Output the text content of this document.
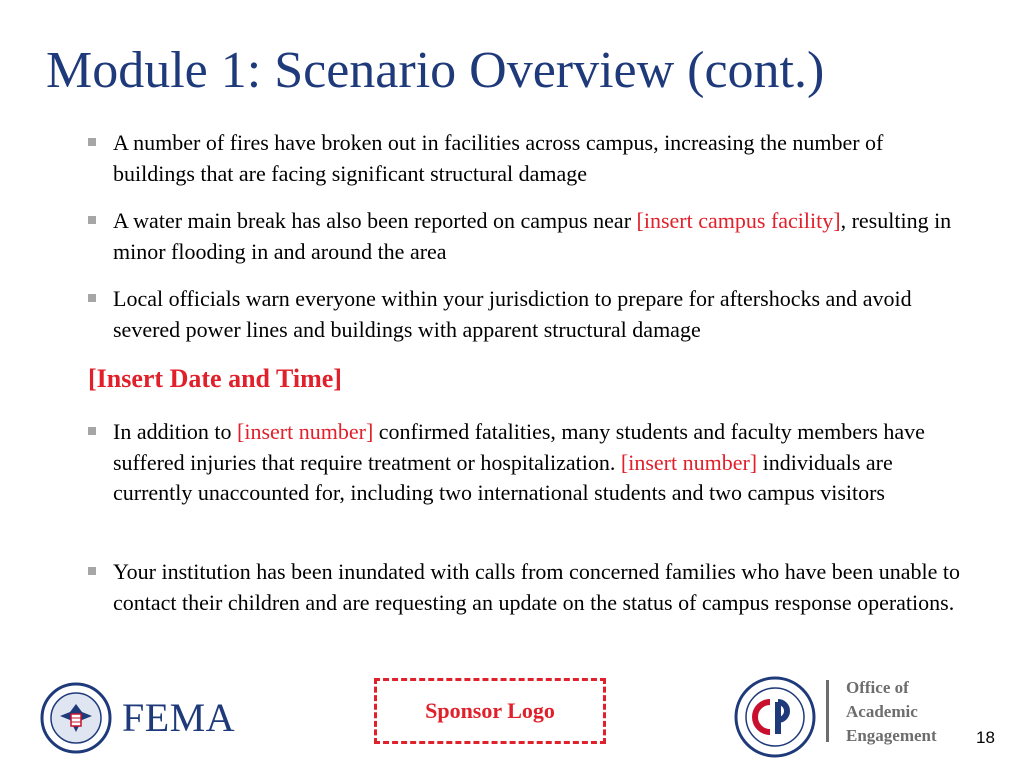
Module 1: Scenario Overview (cont.)
A number of fires have broken out in facilities across campus, increasing the number of buildings that are facing significant structural damage
A water main break has also been reported on campus near [insert campus facility], resulting in minor flooding in and around the area
Local officials warn everyone within your jurisdiction to prepare for aftershocks and avoid severed power lines and buildings with apparent structural damage
[Insert Date and Time]
In addition to [insert number] confirmed fatalities, many students and faculty members have suffered injuries that require treatment or hospitalization. [insert number] individuals are currently unaccounted for, including two international students and two campus visitors
Your institution has been inundated with calls from concerned families who have been unable to contact their children and are requesting an update on the status of campus response operations.
FEMA	Sponsor Logo
Office of
Academic
Engagement 18
